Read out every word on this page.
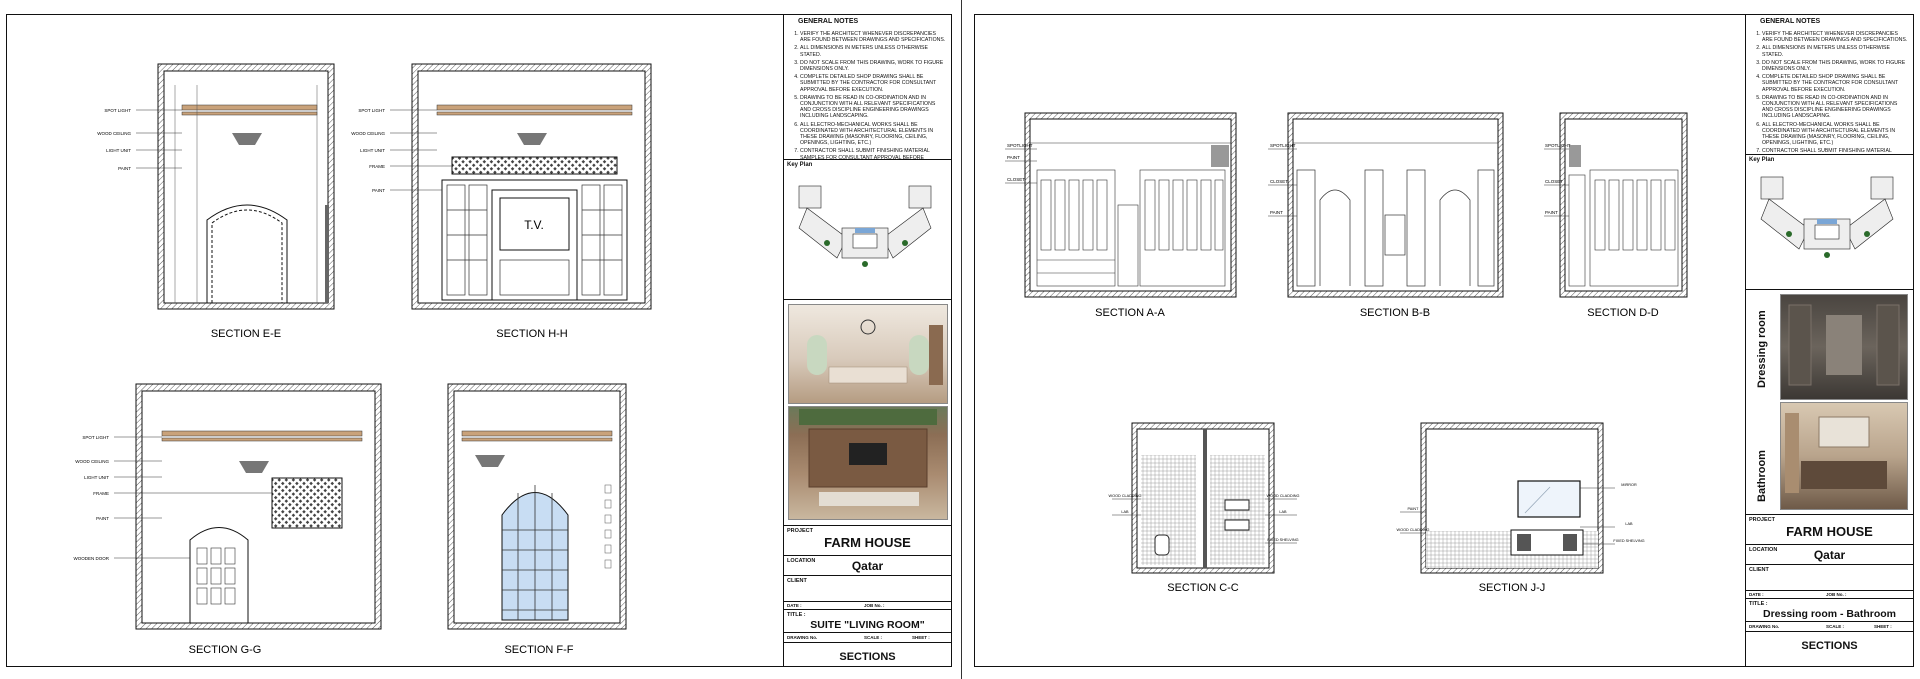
SPOT LIGHT
WOOD CEILING
LIGHT UNIT
PAINT
T.V.
SPOT LIGHT
WOOD CEILING
LIGHT UNIT
FRAME
PAINT
SPOT LIGHT
WOOD CEILING
LIGHT UNIT
FRAME
PAINT
WOODEN DOOR
SECTION E-E	SECTION H-H
SECTION G-G	SECTION F-F
GENERAL NOTES
1. VERIFY THE ARCHITECT WHENEVER DISCREPANCIES ARE FOUND BETWEEN DRAWINGS AND SPECIFICATIONS.
2. ALL DIMENSIONS IN METERS UNLESS OTHERWISE STATED.
3. DO NOT SCALE FROM THIS DRAWING, WORK TO FIGURE DIMENSIONS ONLY.
4. COMPLETE DETAILED SHOP DRAWING SHALL BE SUBMITTED BY THE CONTRACTOR FOR CONSULTANT APPROVAL BEFORE EXECUTION.
5. DRAWING TO BE READ IN CO-ORDINATION AND IN CONJUNCTION WITH ALL RELEVANT SPECIFICATIONS AND CROSS DISCIPLINE ENGINEERING DRAWINGS INCLUDING LANDSCAPING.
6. ALL ELECTRO-MECHANICAL WORKS SHALL BE COORDINATED WITH ARCHITECTURAL ELEMENTS IN THESE DRAWING (MASONRY, FLOORING, CEILING, OPENINGS, LIGHTING, ETC.)
7. CONTRACTOR SHALL SUBMIT FINISHING MATERIAL SAMPLES FOR CONSULTANT APPROVAL BEFORE
Key Plan
PROJECT
FARM HOUSE
LOCATION	Qatar
CLIENT
DATE :	JOB No. :
TITLE :
SUITE "LIVING ROOM"
DRAWING No.	SCALE :	SHEET :
SECTIONS
SPOTLIGHT
PAINT
CLOSET
SPOTLIGHT
CLOSET
PAINT
SPOTLIGHT
CLOSET
PAINT
WOOD CLADDING
LAB
WOOD CLADDING
LAB
FIXED SHELVING
PAINT
WOOD CLADDING
MIRROR
LAB
FIXED SHELVING
SECTION A-A	SECTION B-B	SECTION D-D
SECTION C-C	SECTION J-J
GENERAL NOTES
1. VERIFY THE ARCHITECT WHENEVER DISCREPANCIES ARE FOUND BETWEEN DRAWINGS AND SPECIFICATIONS.
2. ALL DIMENSIONS IN METERS UNLESS OTHERWISE STATED.
3. DO NOT SCALE FROM THIS DRAWING, WORK TO FIGURE DIMENSIONS ONLY.
4. COMPLETE DETAILED SHOP DRAWING SHALL BE SUBMITTED BY THE CONTRACTOR FOR CONSULTANT APPROVAL BEFORE EXECUTION.
5. DRAWING TO BE READ IN CO-ORDINATION AND IN CONJUNCTION WITH ALL RELEVANT SPECIFICATIONS AND CROSS DISCIPLINE ENGINEERING DRAWINGS INCLUDING LANDSCAPING.
6. ALL ELECTRO-MECHANICAL WORKS SHALL BE COORDINATED WITH ARCHITECTURAL ELEMENTS IN THESE DRAWING (MASONRY, FLOORING, CEILING, OPENINGS, LIGHTING, ETC.)
7. CONTRACTOR SHALL SUBMIT FINISHING MATERIAL
Key Plan
Dressing room
Bathroom
PROJECT
FARM HOUSE
LOCATION	Qatar
CLIENT
DATE :	JOB No. :
TITLE :
Dressing room - Bathroom
DRAWING No.	SCALE :	SHEET :
SECTIONS
